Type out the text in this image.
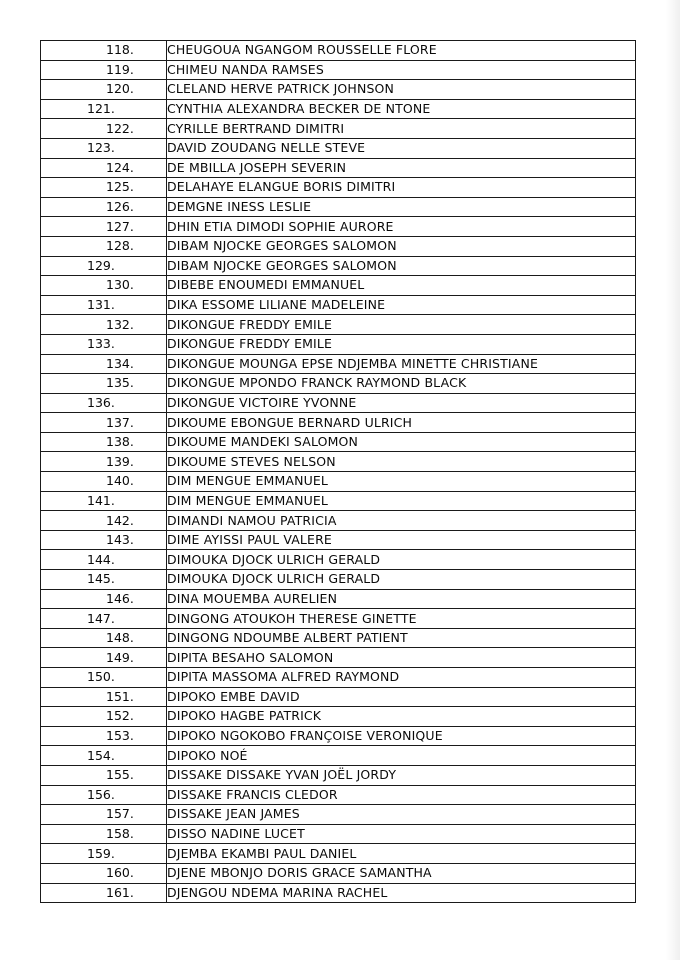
118.	CHEUGOUA NGANGOM ROUSSELLE FLORE
119.	CHIMEU NANDA RAMSES
120.	CLELAND HERVE PATRICK JOHNSON
121.	CYNTHIA ALEXANDRA BECKER DE NTONE
122.	CYRILLE BERTRAND DIMITRI
123.	DAVID ZOUDANG NELLE STEVE
124.	DE MBILLA JOSEPH SEVERIN
125.	DELAHAYE ELANGUE BORIS DIMITRI
126.	DEMGNE INESS LESLIE
127.	DHIN ETIA DIMODI SOPHIE AURORE
128.	DIBAM NJOCKE GEORGES SALOMON
129.	DIBAM NJOCKE GEORGES SALOMON
130.	DIBEBE ENOUMEDI EMMANUEL
131.	DIKA ESSOME LILIANE MADELEINE
132.	DIKONGUE FREDDY EMILE
133.	DIKONGUE FREDDY EMILE
134.	DIKONGUE MOUNGA EPSE NDJEMBA MINETTE CHRISTIANE
135.	DIKONGUE MPONDO FRANCK RAYMOND BLACK
136.	DIKONGUE VICTOIRE YVONNE
137.	DIKOUME EBONGUE BERNARD ULRICH
138.	DIKOUME MANDEKI SALOMON
139.	DIKOUME STEVES NELSON
140.	DIM MENGUE EMMANUEL
141.	DIM MENGUE EMMANUEL
142.	DIMANDI NAMOU PATRICIA
143.	DIME AYISSI PAUL VALERE
144.	DIMOUKA DJOCK ULRICH GERALD
145.	DIMOUKA DJOCK ULRICH GERALD
146.	DINA MOUEMBA AURELIEN
147.	DINGONG ATOUKOH THERESE GINETTE
148.	DINGONG NDOUMBE ALBERT PATIENT
149.	DIPITA BESAHO SALOMON
150.	DIPITA MASSOMA ALFRED RAYMOND
151.	DIPOKO EMBE DAVID
152.	DIPOKO HAGBE PATRICK
153.	DIPOKO NGOKOBO FRANÇOISE VERONIQUE
154.	DIPOKO NOÉ
155.	DISSAKE DISSAKE YVAN JOËL JORDY
156.	DISSAKE FRANCIS CLEDOR
157.	DISSAKE JEAN JAMES
158.	DISSO NADINE LUCET
159.	DJEMBA EKAMBI PAUL DANIEL
160.	DJENE MBONJO DORIS GRACE SAMANTHA
161.	DJENGOU NDEMA MARINA RACHEL
